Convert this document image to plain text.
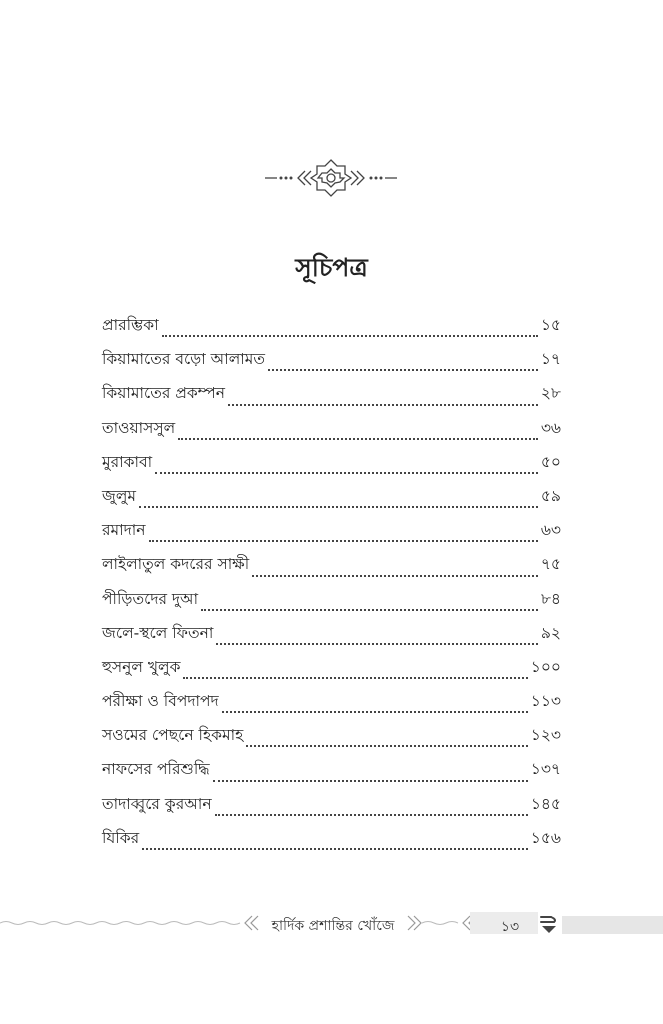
সূচিপত্র
প্রারম্ভিকা	১৫
কিয়ামাতের বড়ো আলামত	১৭
কিয়ামাতের প্রকম্পন	২৮
তাওয়াসসুল	৩৬
মুরাকাবা	৫০
জুলুম	৫৯
রমাদান	৬৩
লাইলাতুল কদরের সাক্ষী	৭৫
পীড়িতদের দুআ	৮৪
জলে-স্থলে ফিতনা	৯২
হুসনুল খুলুক	১০০
পরীক্ষা ও বিপদাপদ	১১৩
সওমের পেছনে হিকমাহ	১২৩
নাফসের পরিশুদ্ধি	১৩৭
তাদাব্বুরে কুরআন	১৪৫
যিকির	১৫৬
হার্দিক প্রশান্তির খোঁজে	১৩
